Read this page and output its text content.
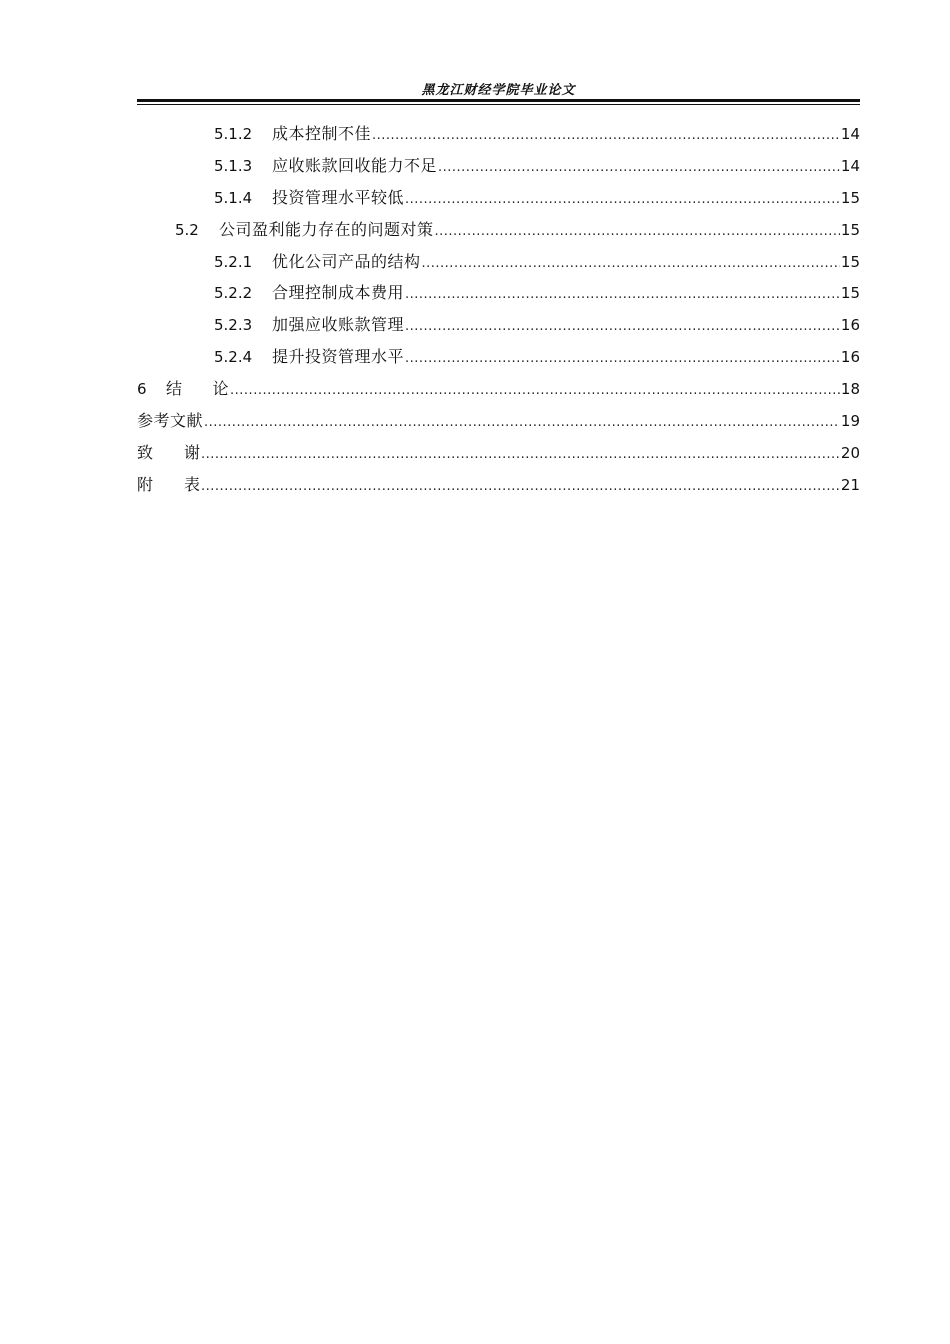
黑龙江财经学院毕业论文
5.1.2	成本控制不佳 .....	14
5.1.3	应收账款回收能力不足 .....	14
5.1.4	投资管理水平较低 .....	15
5.2	公司盈利能力存在的问题对策 .....	15
5.2.1	优化公司产品的结构 .....	15
5.2.2	合理控制成本费用 .....	15
5.2.3	加强应收账款管理 .....	16
5.2.4	提升投资管理水平 .....	16
6	结 论 .....	18
参考文献 .....	19
致 谢 .....	20
附 表 .....	21
